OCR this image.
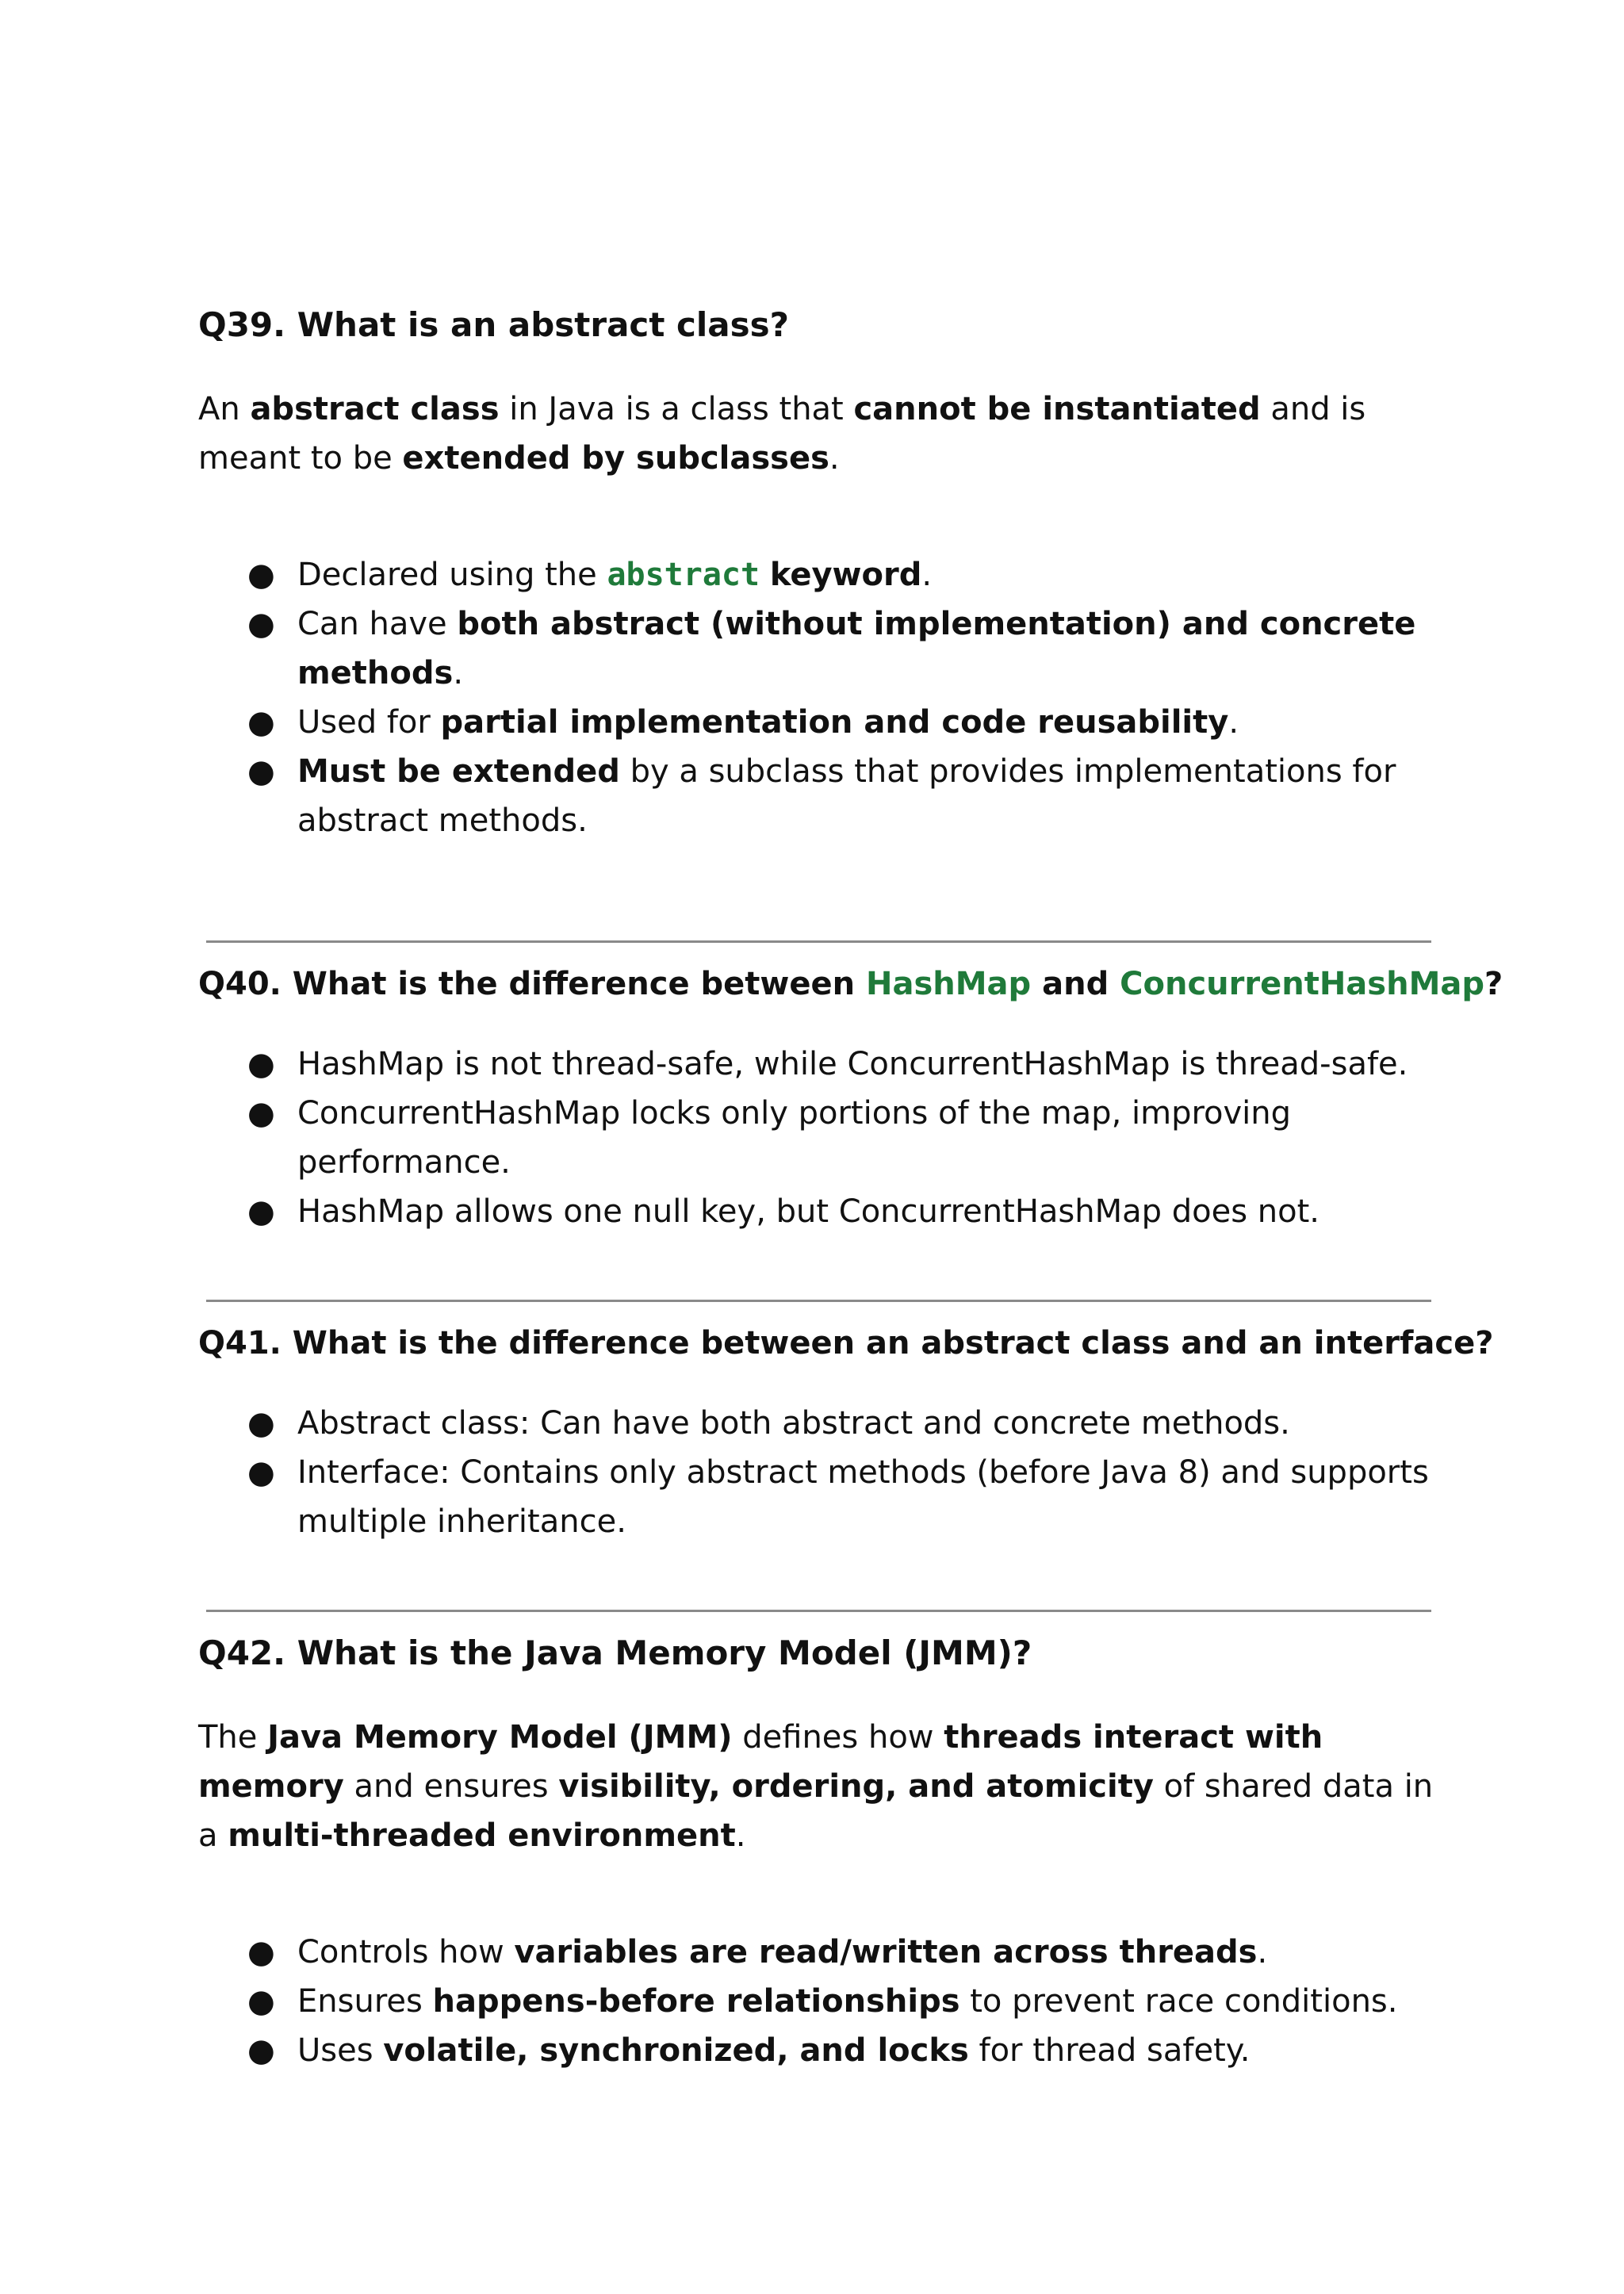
Q39. What is an abstract class?

An abstract class in Java is a class that cannot be instantiated and is meant to be extended by subclasses.

● Declared using the abstract keyword.
● Can have both abstract (without implementation) and concrete methods.
● Used for partial implementation and code reusability.
● Must be extended by a subclass that provides implementations for abstract methods.
Q40. What is the difference between HashMap and ConcurrentHashMap?
● HashMap is not thread-safe, while ConcurrentHashMap is thread-safe.
● ConcurrentHashMap locks only portions of the map, improving performance.
● HashMap allows one null key, but ConcurrentHashMap does not.
Q41. What is the difference between an abstract class and an interface?
● Abstract class: Can have both abstract and concrete methods.
● Interface: Contains only abstract methods (before Java 8) and supports multiple inheritance.
Q42. What is the Java Memory Model (JMM)?

The Java Memory Model (JMM) defines how threads interact with memory and ensures visibility, ordering, and atomicity of shared data in a multi-threaded environment.

● Controls how variables are read/written across threads.
● Ensures happens-before relationships to prevent race conditions.
● Uses volatile, synchronized, and locks for thread safety.
